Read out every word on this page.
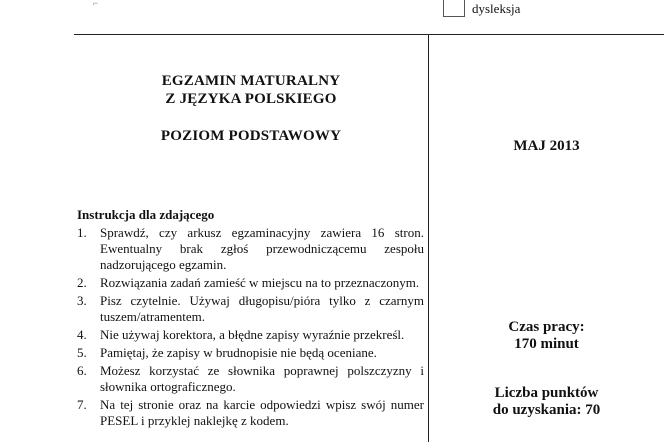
⌐	dysleksja
EGZAMIN MATURALNY
Z JĘZYKA POLSKIEGO
POZIOM PODSTAWOWY
Instrukcja dla zdającego
1. Sprawdź, czy arkusz egzaminacyjny zawiera 16 stron. Ewentualny brak zgłoś przewodniczącemu zespołu nadzorującego egzamin.
2. Rozwiązania zadań zamieść w miejscu na to przeznaczonym.
3. Pisz czytelnie. Używaj długopisu/pióra tylko z czarnym tuszem/atramentem.
4. Nie używaj korektora, a błędne zapisy wyraźnie przekreśl.
5. Pamiętaj, że zapisy w brudnopisie nie będą oceniane.
6. Możesz korzystać ze słownika poprawnej polszczyzny i słownika ortograficznego.
7. Na tej stronie oraz na karcie odpowiedzi wpisz swój numer PESEL i przyklej naklejkę z kodem.
MAJ 2013
Czas pracy:
170 minut
Liczba punktów
do uzyskania: 70
